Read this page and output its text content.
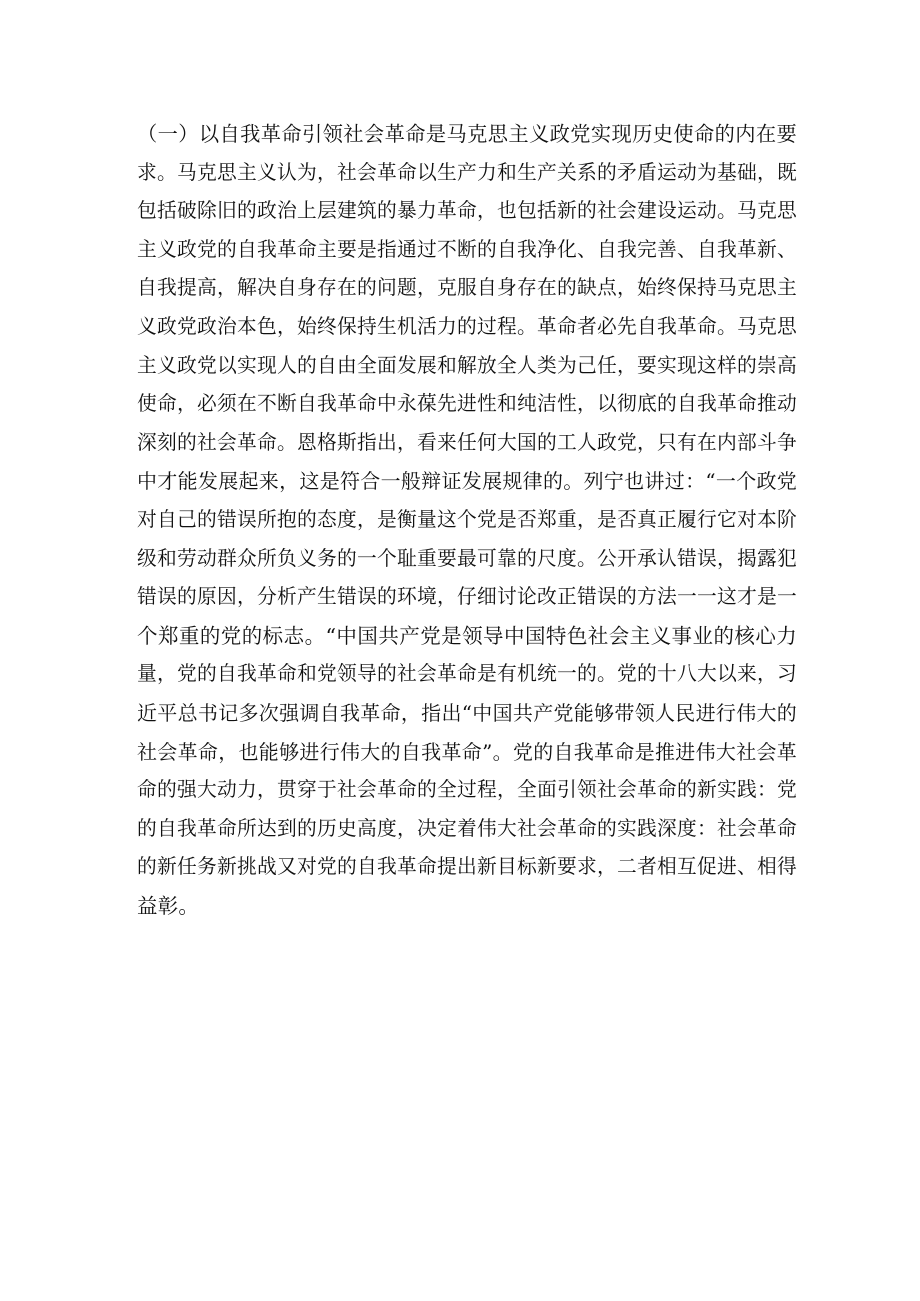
（一）以自我革命引领社会革命是马克思主义政党实现历史使命的内在要
求。马克思主义认为，社会革命以生产力和生产关系的矛盾运动为基础，既
包括破除旧的政治上层建筑的暴力革命，也包括新的社会建设运动。马克思
主义政党的自我革命主要是指通过不断的自我净化、自我完善、自我革新、
自我提高，解决自身存在的问题，克服自身存在的缺点，始终保持马克思主
义政党政治本色，始终保持生机活力的过程。革命者必先自我革命。马克思
主义政党以实现人的自由全面发展和解放全人类为己任，要实现这样的崇高
使命，必须在不断自我革命中永葆先进性和纯洁性，以彻底的自我革命推动
深刻的社会革命。恩格斯指出，看来任何大国的工人政党，只有在内部斗争
中才能发展起来，这是符合一般辩证发展规律的。列宁也讲过：“一个政党
对自己的错误所抱的态度，是衡量这个党是否郑重，是否真正履行它对本阶
级和劳动群众所负义务的一个耻重要最可靠的尺度。公开承认错误，揭露犯
错误的原因，分析产生错误的环境，仔细讨论改正错误的方法一一这才是一
个郑重的党的标志。“中国共产党是领导中国特色社会主义事业的核心力
量，党的自我革命和党领导的社会革命是有机统一的。党的十八大以来，习
近平总书记多次强调自我革命，指出“中国共产党能够带领人民进行伟大的
社会革命，也能够进行伟大的自我革命”。党的自我革命是推进伟大社会革
命的强大动力，贯穿于社会革命的全过程，全面引领社会革命的新实践：党
的自我革命所达到的历史高度，决定着伟大社会革命的实践深度：社会革命
的新任务新挑战又对党的自我革命提出新目标新要求，二者相互促进、相得
益彰。
